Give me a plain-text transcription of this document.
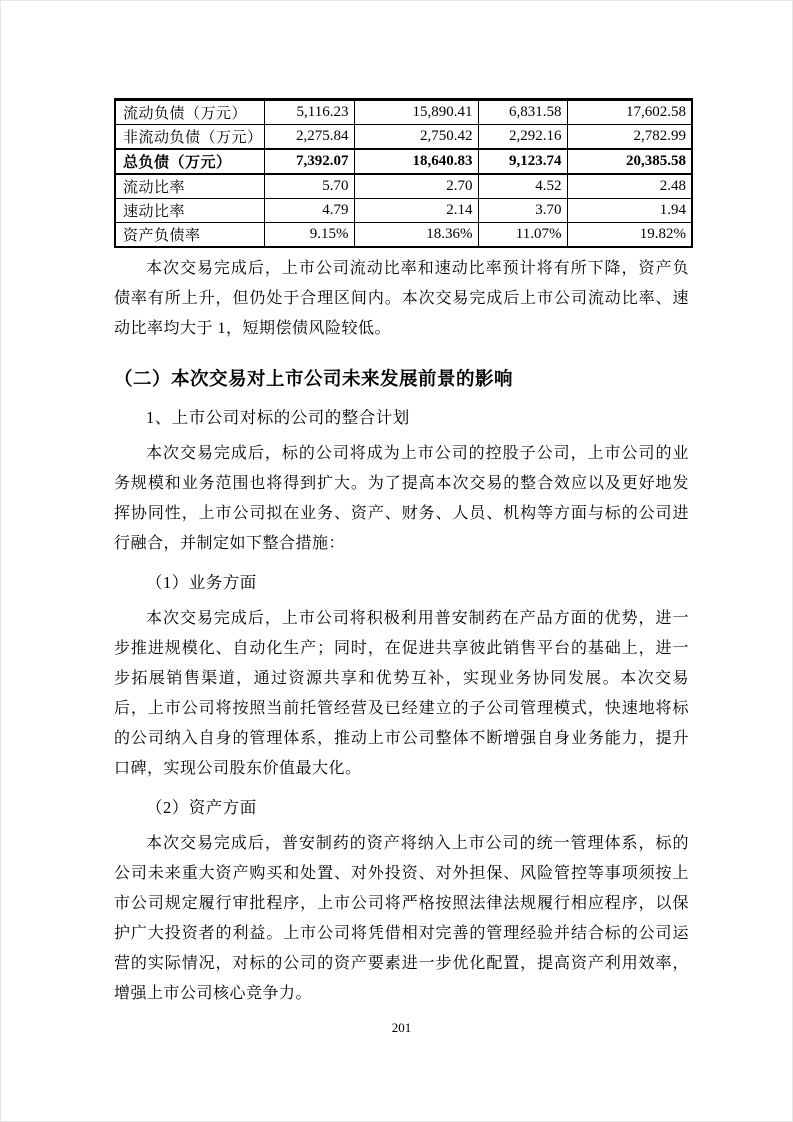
流动负债（万元）	5,116.23	15,890.41	6,831.58	17,602.58
非流动负债（万元）	2,275.84	2,750.42	2,292.16	2,782.99
总负债（万元）	7,392.07	18,640.83	9,123.74	20,385.58
流动比率	5.70	2.70	4.52	2.48
速动比率	4.79	2.14	3.70	1.94
资产负债率	9.15%	18.36%	11.07%	19.82%

本次交易完成后，上市公司流动比率和速动比率预计将有所下降，资产负债率有所上升，但仍处于合理区间内。本次交易完成后上市公司流动比率、速动比率均大于 1，短期偿债风险较低。

（二）本次交易对上市公司未来发展前景的影响

1、上市公司对标的公司的整合计划

本次交易完成后，标的公司将成为上市公司的控股子公司，上市公司的业务规模和业务范围也将得到扩大。为了提高本次交易的整合效应以及更好地发挥协同性，上市公司拟在业务、资产、财务、人员、机构等方面与标的公司进行融合，并制定如下整合措施：

（1）业务方面

本次交易完成后，上市公司将积极利用普安制药在产品方面的优势，进一步推进规模化、自动化生产；同时，在促进共享彼此销售平台的基础上，进一步拓展销售渠道，通过资源共享和优势互补，实现业务协同发展。本次交易后，上市公司将按照当前托管经营及已经建立的子公司管理模式，快速地将标的公司纳入自身的管理体系，推动上市公司整体不断增强自身业务能力，提升口碑，实现公司股东价值最大化。

（2）资产方面

本次交易完成后，普安制药的资产将纳入上市公司的统一管理体系，标的公司未来重大资产购买和处置、对外投资、对外担保、风险管控等事项须按上市公司规定履行审批程序，上市公司将严格按照法律法规履行相应程序，以保护广大投资者的利益。上市公司将凭借相对完善的管理经验并结合标的公司运营的实际情况，对标的公司的资产要素进一步优化配置，提高资产利用效率，增强上市公司核心竞争力。

201
